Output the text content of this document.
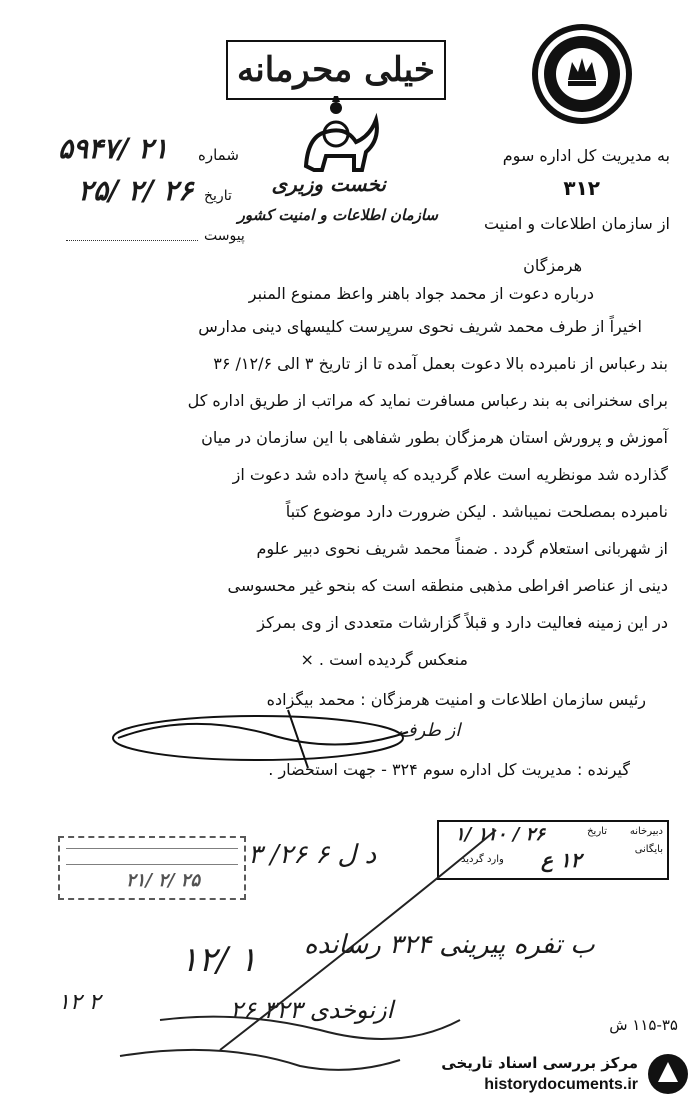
خیلی محرمانه
نخست وزیری
سازمان اطلاعات و امنیت کشور
شماره
۵۹۴۷/ ۲۱
تاریخ
۲۵/ ۲/ ۲۶
پیوست
به مدیریت کل اداره سوم
۳۱۲
از سازمان اطلاعات و امنیت
هرمزگان
درباره دعوت از محمد جواد باهنر واعظ ممنوع المنبر
اخیراً از طرف محمد شریف نحوی سرپرست کلیسهای دینی مدارس
بند رعباس از نامبرده بالا دعوت بعمل آمده تا از تاریخ ۳ الی ۱۲/۶/ ۳۶
برای سخنرانی به بند رعباس مسافرت نماید که مراتب از طریق اداره کل
آموزش و پرورش استان هرمزگان بطور شفاهی با این سازمان در میان
گذارده شد مونظریه است علام گردیده که پاسخ داده شد دعوت از
نامبرده بمصلحت نمیباشد . لیکن ضرورت دارد موضوع کتباً
از شهربانی استعلام گردد . ضمناً محمد شریف نحوی دبیر علوم
دینی از عناصر افراطی مذهبی منطقه است که بنحو غیر محسوسی
در این زمینه فعالیت دارد و قبلاً گزارشات متعددی از وی بمرکز
منعکس گردیده است . ×
رئیس سازمان اطلاعات و امنیت هرمزگان : محمد بیگزاده
از طرف
گیرنده : مدیریت کل اداره سوم ۳۲۴ - جهت استحضار .
دبیرخانه
بایگانی
تاریخ
۱/ ۱۱۰ / ۲۶
وارد گردید ۱۲ ع
۲۱/ ۲/ ۲۵
د ل ۶ ۲۶/ ۳
ب تفره پیرینی ۳۲۴ رسانده
۱۲/ ۱
ازنوخدی ۳۲۳ ۲۶
۱۲ ۲
۱۱۵-۳۵ ش
مرکز بررسی اسناد تاریخی
historydocuments.ir
